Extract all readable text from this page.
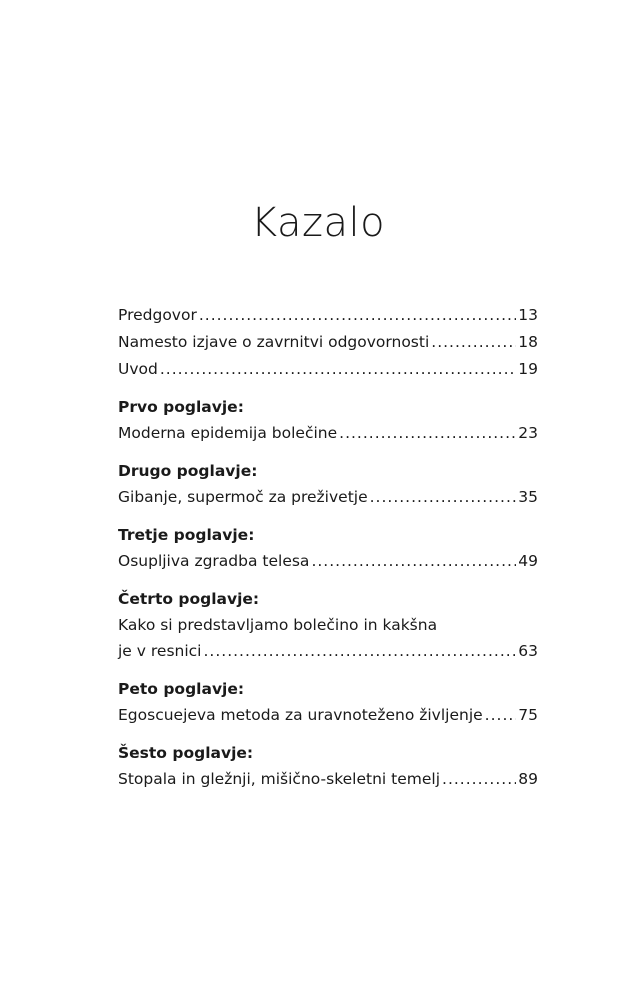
Kazalo
Predgovor .....	13
Namesto izjave o zavrnitvi odgovornosti .....	18
Uvod .....	19
Prvo poglavje:
Moderna epidemija bolečine .....	23
Drugo poglavje:
Gibanje, supermoč za preživetje .....	35
Tretje poglavje:
Osupljiva zgradba telesa .....	49
Četrto poglavje:
Kako si predstavljamo bolečino in kakšna
je v resnici .....	63
Peto poglavje:
Egoscuejeva metoda za uravnoteženo življenje ..... 75
Šesto poglavje:
Stopala in gležnji, mišično-skeletni temelj .....	89
